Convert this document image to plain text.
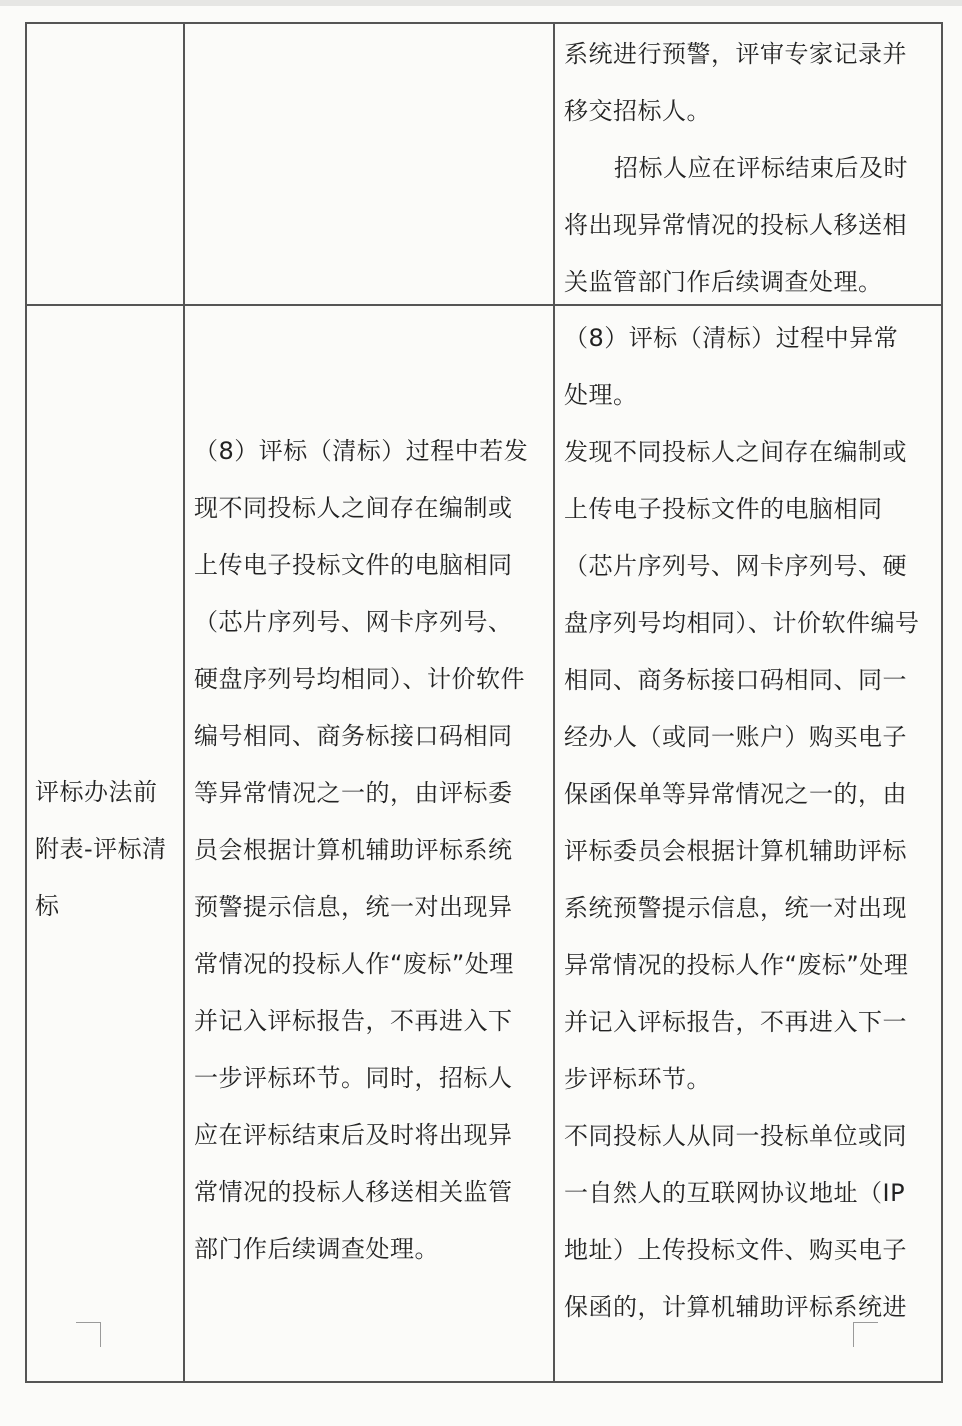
系统进行预警，评审专家记录并移交招标人。

招标人应在评标结束后及时将出现异常情况的投标人移送相关监管部门作后续调查处理。

评标办法前附表-评标清标
（8）评标（清标）过程中若发现不同投标人之间存在编制或上传电子投标文件的电脑相同（芯片序列号、网卡序列号、硬盘序列号均相同）、计价软件编号相同、商务标接口码相同等异常情况之一的，由评标委员会根据计算机辅助评标系统预警提示信息，统一对出现异常情况的投标人作“废标”处理并记入评标报告，不再进入下一步评标环节。同时，招标人应在评标结束后及时将出现异常情况的投标人移送相关监管部门作后续调查处理。

（8）评标（清标）过程中异常处理。

发现不同投标人之间存在编制或上传电子投标文件的电脑相同（芯片序列号、网卡序列号、硬盘序列号均相同）、计价软件编号相同、商务标接口码相同、同一经办人（或同一账户）购买电子保函保单等异常情况之一的，由评标委员会根据计算机辅助评标系统预警提示信息，统一对出现异常情况的投标人作“废标”处理并记入评标报告，不再进入下一步评标环节。

不同投标人从同一投标单位或同一自然人的互联网协议地址（IP地址）上传投标文件、购买电子保函的，计算机辅助评标系统进
